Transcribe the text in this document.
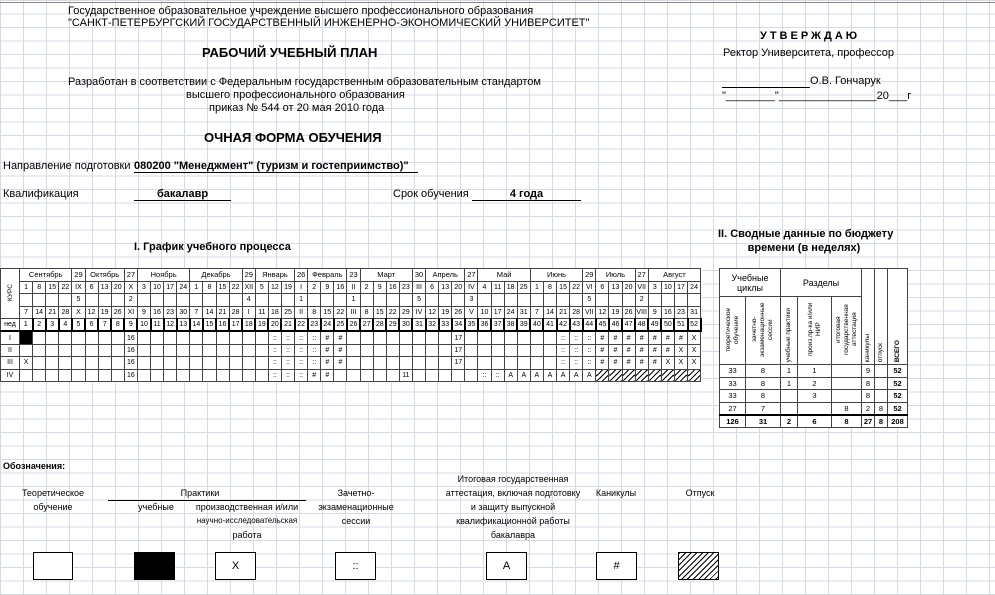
Государственное образовательное учреждение высшего профессионального образования
"САНКТ-ПЕТЕРБУРГСКИЙ ГОСУДАРСТВЕННЫЙ ИНЖЕНЕРНО-ЭКОНОМИЧЕСКИЙ УНИВЕРСИТЕТ"
РАБОЧИЙ УЧЕБНЫЙ ПЛАН
Разработан в соответствии с Федеральным государственным образовательным стандартом
высшего профессионального образования
приказ № 544 от 20 мая 2010 года
ОЧНАЯ ФОРМА ОБУЧЕНИЯ
УТВЕРЖДАЮ
Ректор Университета, профессор
О.В. Гончарук
"________"________________20___г
Направление подготовки 080200 "Менеджмент" (туризм и гостеприимство)"
Квалификация	бакалавр	Срок обучения	4 года
I. График учебного процесса
II. Сводные данные по бюджету
времени (в неделях)
КУРС	Сентябрь				29	Октябрь			27	Ноябрь				Декабрь				29	Январь			26	Февраль			23	Март				30	Апрель			27	Май				Июнь				29	Июль			27	Август			
	1	8	15	22	IX	6	13	20	X	3	10	17	24	1	8	15	22	XII	5	12	19	I	2	9	16	II	2	9	16	23	III	6	13	20	IV	4	11	18	25	1	8	15	22	VI	6	13	20	VII	3	10	17	24
					5				2									4				1				1					5				3									5				2				
	7	14	21	28	X	12	19	26	XI	9	16	23	30	7	14	21	28	I	11	18	25	II	8	15	22	III	8	15	22	29	IV	12	19	26	V	10	17	24	31	7	14	21	28	VII	12	19	26	VIII	9	16	23	31
нед	1	2	3	4	5	6	7	8	9	10	11	12	13	14	15	16	17	18	19	20	21	22	23	24	25	26	27	28	29	30	31	32	33	34	35	36	37	38	39	40	41	42	43	44	45	46	47	48	49	50	51	52
I									16											::	::	::	::	#	#									17								::	::	::	#	#	#	#	#	#	#	X
II									16											::	::	::	::	#	#									17								::	::	::	#	#	#	#	#	#	X	X
III	X								16											::	::	::	::	#	#									17								::	::	::	#	#	#	#	#	X	X	X
IV									16											::	::	::	#	#						11						::	::	A	A	A	A	A	A	A								
Учебные циклы		Разделы			каникулы	отпуск	ВСЕГО
теоретическое обучение	зачетно-экзаменационные сессии	учебные практики	произ.пр-ка и/или НИР	итоговая государственная аттестация			
33	8	1	1		9		52
33	8	1	2		8		52
33	8		3		8		52
27	7			8	2	8	52
126	31	2	6	8	27	8	208
Обозначения:
Теоретическое обучение
Практики
учебные	производственная и/или
научно-исследовательская
работа
Зачетно-экзаменационные сессии
Итоговая государственная аттестация, включая подготовку и защиту выпускной квалификационной работы бакалавра
Каникулы	Отпуск
X	::	А	#
